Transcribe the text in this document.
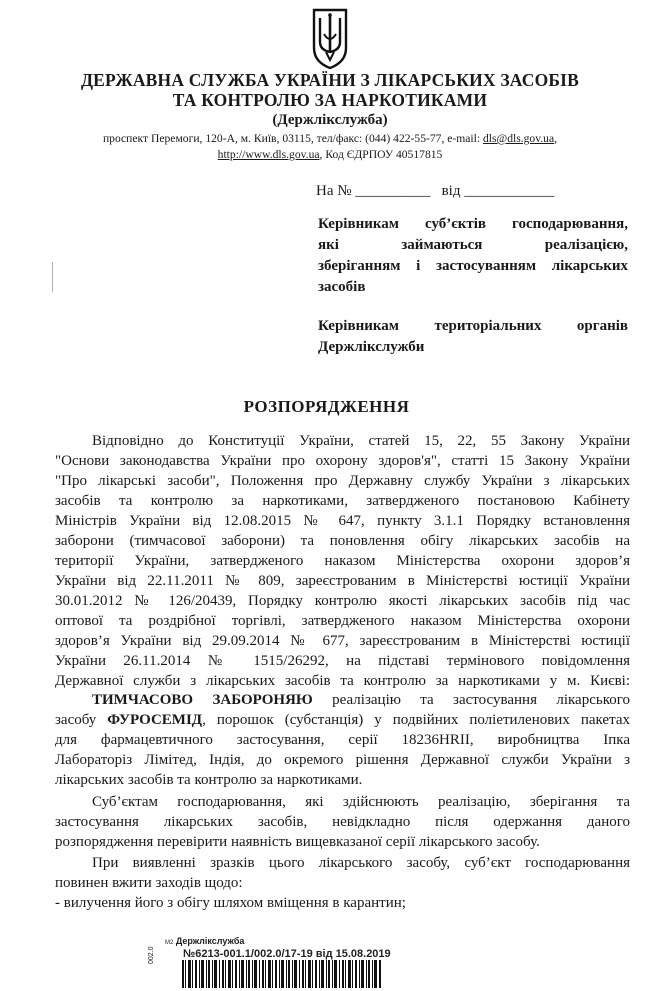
ДЕРЖАВНА СЛУЖБА УКРАЇНИ З ЛІКАРСЬКИХ ЗАСОБІВ
ТА КОНТРОЛЮ ЗА НАРКОТИКАМИ
(Держлікслужба)
проспект Перемоги, 120-А, м. Київ, 03115, тел/факс: (044) 422-55-77, e-mail: dls@dls.gov.ua,
http://www.dls.gov.ua, Код ЄДРПОУ 40517815
На № __________ від ____________
Керівникам суб’єктів господарювання,
які займаються реалізацією,
зберіганням і застосуванням лікарських
засобів
Керівникам територіальних органів
Держлікслужби
РОЗПОРЯДЖЕННЯ
Відповідно до Конституції України, статей 15, 22, 55 Закону України
"Основи законодавства України про охорону здоров'я", статті 15 Закону України
"Про лікарські засоби", Положення про Державну службу України з лікарських
засобів та контролю за наркотиками, затвердженого постановою Кабінету
Міністрів України від 12.08.2015 № 647, пункту 3.1.1 Порядку встановлення
заборони (тимчасової заборони) та поновлення обігу лікарських засобів на
території України, затвердженого наказом Міністерства охорони здоров’я
України від 22.11.2011 № 809, зареєстрованим в Міністерстві юстиції України
30.01.2012 № 126/20439, Порядку контролю якості лікарських засобів під час
оптової та роздрібної торгівлі, затвердженого наказом Міністерства охорони
здоров’я України від 29.09.2014 № 677, зареєстрованим в Міністерстві юстиції
України 26.11.2014 № 1515/26292, на підставі термінового повідомлення
Державної служби з лікарських засобів та контролю за наркотиками у м. Києві:
ТИМЧАСОВО ЗАБОРОНЯЮ реалізацію та застосування лікарського
засобу ФУРОСЕМІД, порошок (субстанція) у подвійних поліетиленових пакетах
для фармацевтичного застосування, серії 18236HRII, виробництва Іпка
Лабораторіз Лімітед, Індія, до окремого рішення Державної служби України з
лікарських засобів та контролю за наркотиками.
Суб’єктам господарювання, які здійснюють реалізацію, зберігання та
застосування лікарських засобів, невідкладно після одержання даного
розпорядження перевірити наявність вищевказаної серії лікарського засобу.
При виявленні зразків цього лікарського засобу, суб’єкт господарювання
повинен вжити заходів щодо:
- вилучення його з обігу шляхом вміщення в карантин;
М2 Держлікслужба
№6213-001.1/002.0/17-19 від 15.08.2019
002.0
